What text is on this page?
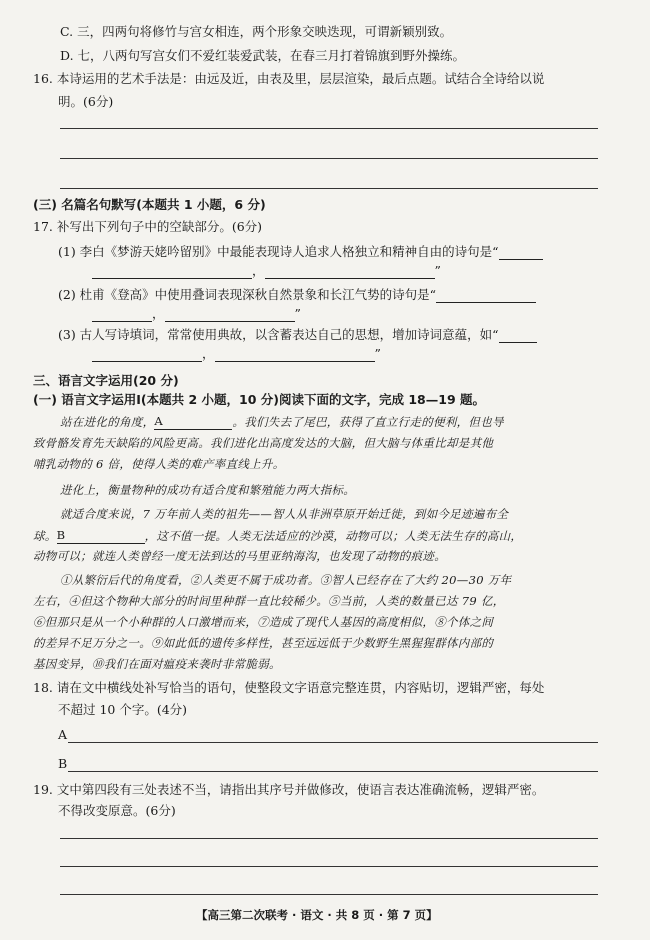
C. 三，四两句将修竹与宫女相连，两个形象交映迭现，可谓新颖别致。
D. 七，八两句写宫女们不爱红装爱武装，在春三月打着锦旗到野外操练。
16. 本诗运用的艺术手法是：由远及近，由表及里，层层渲染，最后点题。试结合全诗给以说
明。(6分)
(三) 名篇名句默写(本题共 1 小题，6 分)
17. 补写出下列句子中的空缺部分。(6分)
(1) 李白《梦游天姥吟留别》中最能表现诗人追求人格独立和精神自由的诗句是“
，	”
(2) 杜甫《登高》中使用叠词表现深秋自然景象和长江气势的诗句是“
，	”
(3) 古人写诗填词，常常使用典故，以含蓄表达自己的思想，增加诗词意蕴，如“
，	”
三、语言文字运用(20 分)
(一) 语言文字运用Ⅰ(本题共 2 小题，10 分)阅读下面的文字，完成 18—19 题。
站在进化的角度，A	。我们失去了尾巴，获得了直立行走的便利，但也导
致骨骼发育先天缺陷的风险更高。我们进化出高度发达的大脑，但大脑与体重比却是其他
哺乳动物的 6 倍，使得人类的难产率直线上升。
进化上，衡量物种的成功有适合度和繁殖能力两大指标。
就适合度来说，7 万年前人类的祖先——智人从非洲草原开始迁徙，到如今足迹遍布全
球。B	，这不值一提。人类无法适应的沙漠，动物可以；人类无法生存的高山，
动物可以；就连人类曾经一度无法到达的马里亚纳海沟，也发现了动物的痕迹。
①从繁衍后代的角度看，②人类更不属于成功者。③智人已经存在了大约 20—30 万年
左右，④但这个物种大部分的时间里种群一直比较稀少。⑤当前，人类的数量已达 79 亿，
⑥但那只是从一个小种群的人口激增而来，⑦造成了现代人基因的高度相似，⑧个体之间
的差异不足万分之一。⑨如此低的遗传多样性，甚至远远低于少数野生黑猩猩群体内部的
基因变异，⑩我们在面对瘟疫来袭时非常脆弱。
18. 请在文中横线处补写恰当的语句，使整段文字语意完整连贯，内容贴切，逻辑严密，每处
不超过 10 个字。(4分)
A
B
19. 文中第四段有三处表述不当，请指出其序号并做修改，使语言表达准确流畅，逻辑严密。
不得改变原意。(6分)
【高三第二次联考 · 语文 · 共 8 页 · 第 7 页】
